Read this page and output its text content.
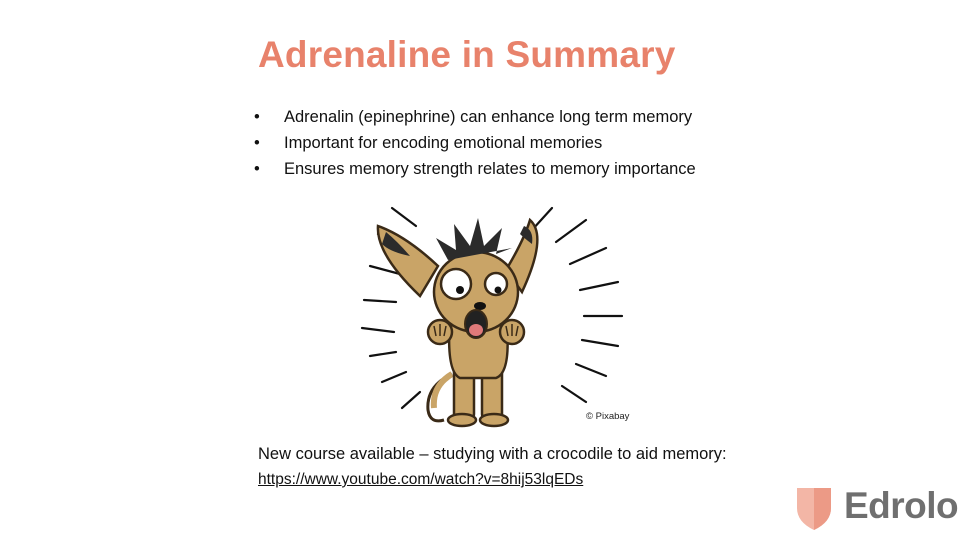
Adrenaline in Summary
•	Adrenalin (epinephrine) can enhance long term memory
•	Important for encoding emotional memories
•	Ensures memory strength relates to memory importance
© Pixabay
New course available – studying with a crocodile to aid memory:
https://www.youtube.com/watch?v=8hij53lqEDs
Edrolo
